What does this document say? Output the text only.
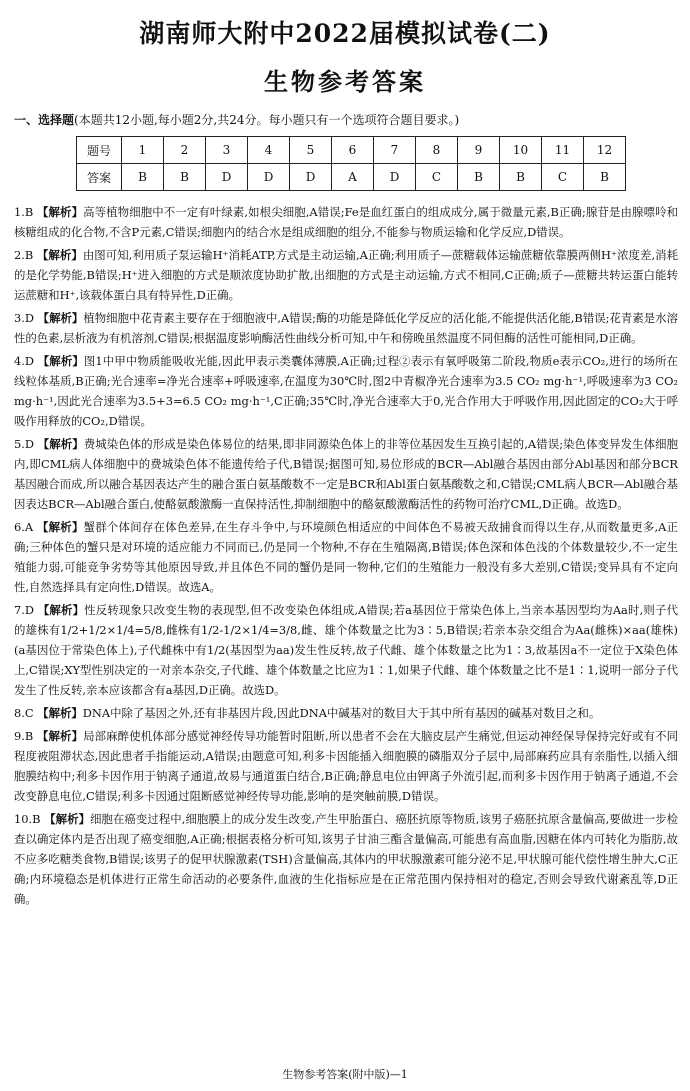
湖南师大附中2022届模拟试卷(二)
生物参考答案
一、选择题(本题共12小题,每小题2分,共24分。每小题只有一个选项符合题目要求。)
题号	1	2	3	4	5	6	7	8	9	10	11	12
答案	B	B	D	D	D	A	D	C	B	B	C	B

1.B 【解析】高等植物细胞中不一定有叶绿素,如根尖细胞,A错误;Fe是血红蛋白的组成成分,属于微量元素,B正确;腺苷是由腺嘌呤和核糖组成的化合物,不含P元素,C错误;细胞内的结合水是组成细胞的组分,不能参与物质运输和化学反应,D错误。

2.B 【解析】由图可知,利用质子泵运输H⁺消耗ATP,方式是主动运输,A正确;利用质子—蔗糖载体运输蔗糖依靠膜两侧H⁺浓度差,消耗的是化学势能,B错误;H⁺进入细胞的方式是顺浓度协助扩散,出细胞的方式是主动运输,方式不相同,C正确;质子—蔗糖共转运蛋白能转运蔗糖和H⁺,该载体蛋白具有特异性,D正确。

3.D 【解析】植物细胞中花青素主要存在于细胞液中,A错误;酶的功能是降低化学反应的活化能,不能提供活化能,B错误;花青素是水溶性的色素,层析液为有机溶剂,C错误;根据温度影响酶活性曲线分析可知,中午和傍晚虽然温度不同但酶的活性可能相同,D正确。

4.D 【解析】图1中甲中物质能吸收光能,因此甲表示类囊体薄膜,A正确;过程②表示有氧呼吸第二阶段,物质e表示CO₂,进行的场所在线粒体基质,B正确;光合速率=净光合速率+呼吸速率,在温度为30℃时,图2中青椒净光合速率为3.5 CO₂ mg·h⁻¹,呼吸速率为3 CO₂ mg·h⁻¹,因此光合速率为3.5+3=6.5 CO₂ mg·h⁻¹,C正确;35℃时,净光合速率大于0,光合作用大于呼吸作用,因此固定的CO₂大于呼吸作用释放的CO₂,D错误。

5.D 【解析】费城染色体的形成是染色体易位的结果,即非同源染色体上的非等位基因发生互换引起的,A错误;染色体变异发生体细胞内,即CML病人体细胞中的费城染色体不能遗传给子代,B错误;据图可知,易位形成的BCR—Abl融合基因由部分Abl基因和部分BCR基因融合而成,所以融合基因表达产生的融合蛋白氨基酸数不一定是BCR和Abl蛋白氨基酸数之和,C错误;CML病人BCR—Abl融合基因表达BCR—Abl融合蛋白,使酪氨酸激酶一直保持活性,抑制细胞中的酪氨酸激酶活性的药物可治疗CML,D正确。故选D。

6.A 【解析】蟹群个体间存在体色差异,在生存斗争中,与环境颜色相适应的中间体色不易被天敌捕食而得以生存,从而数量更多,A正确;三种体色的蟹只是对环境的适应能力不同而已,仍是同一个物种,不存在生殖隔离,B错误;体色深和体色浅的个体数量较少,不一定生殖能力弱,可能竞争劣势等其他原因导致,并且体色不同的蟹仍是同一物种,它们的生殖能力一般没有多大差别,C错误;变异具有不定向性,自然选择具有定向性,D错误。故选A。

7.D 【解析】性反转现象只改变生物的表现型,但不改变染色体组成,A错误;若a基因位于常染色体上,当亲本基因型均为Aa时,则子代的雄株有1/2+1/2×1/4=5/8,雌株有1/2-1/2×1/4=3/8,雌、雄个体数量之比为3∶5,B错误;若亲本杂交组合为Aa(雌株)×aa(雄株)(a基因位于常染色体上),子代雌株中有1/2(基因型为aa)发生性反转,故子代雌、雄个体数量之比为1∶3,故基因a不一定位于X染色体上,C错误;XY型性别决定的一对亲本杂交,子代雌、雄个体数量之比应为1∶1,如果子代雌、雄个体数量之比不是1∶1,说明一部分子代发生了性反转,亲本应该都含有a基因,D正确。故选D。

8.C 【解析】DNA中除了基因之外,还有非基因片段,因此DNA中碱基对的数目大于其中所有基因的碱基对数目之和。

9.B 【解析】局部麻醉使机体部分感觉神经传导功能暂时阻断,所以患者不会在大脑皮层产生痛觉,但运动神经保导保持完好或有不同程度被阻滞状态,因此患者手指能运动,A错误;由题意可知,利多卡因能插入细胞膜的磷脂双分子层中,局部麻药应具有亲脂性,以插入细胞膜结构中;利多卡因作用于钠离子通道,故易与通道蛋白结合,B正确;静息电位由钾离子外流引起,而利多卡因作用于钠离子通道,不会改变静息电位,C错误;利多卡因通过阻断感觉神经传导功能,影响的是突触前膜,D错误。

10.B 【解析】细胞在癌变过程中,细胞膜上的成分发生改变,产生甲胎蛋白、癌胚抗原等物质,该男子癌胚抗原含量偏高,要做进一步检查以确定体内是否出现了癌变细胞,A正确;根据表格分析可知,该男子甘油三酯含量偏高,可能患有高血脂,因糖在体内可转化为脂肪,故不应多吃糖类食物,B错误;该男子的促甲状腺激素(TSH)含量偏高,其体内的甲状腺激素可能分泌不足,甲状腺可能代偿性增生肿大,C正确;内环境稳态是机体进行正常生命活动的必要条件,血液的生化指标应是在正常范围内保持相对的稳定,否则会导致代谢紊乱等,D正确。

生物参考答案(附中版)—1
